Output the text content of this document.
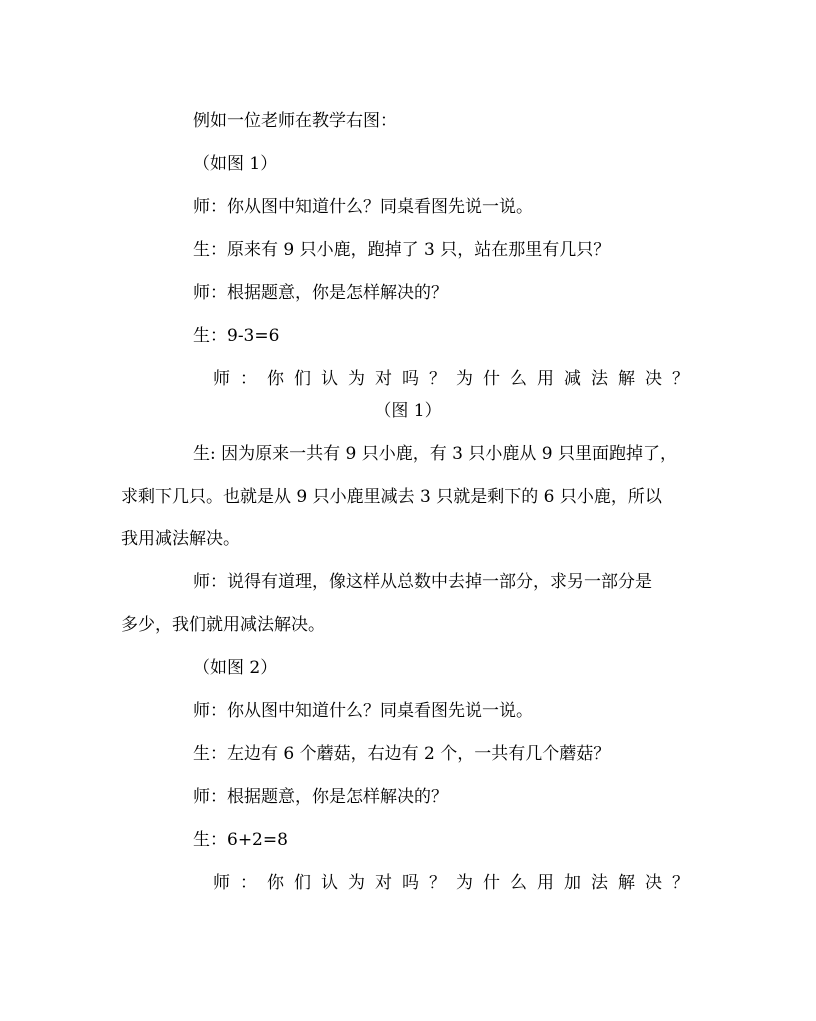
例如一位老师在教学右图：
（如图 1）
师：你从图中知道什么？同桌看图先说一说。
生：原来有 9 只小鹿，跑掉了 3 只，站在那里有几只？
师：根据题意，你是怎样解决的？
生：9-3=6
师 ： 你 们 认 为 对 吗 ？ 为 什 么 用 减 法 解 决 ？
（图 1）
生: 因为原来一共有 9 只小鹿，有 3 只小鹿从 9 只里面跑掉了，
求剩下几只。也就是从 9 只小鹿里减去 3 只就是剩下的 6 只小鹿，所以
我用减法解决。
师：说得有道理，像这样从总数中去掉一部分，求另一部分是
多少，我们就用减法解决。
（如图 2）
师：你从图中知道什么？同桌看图先说一说。
生：左边有 6 个蘑菇，右边有 2 个，一共有几个蘑菇？
师：根据题意，你是怎样解决的？
生：6+2=8
师 ： 你 们 认 为 对 吗 ？ 为 什 么 用 加 法 解 决 ？
